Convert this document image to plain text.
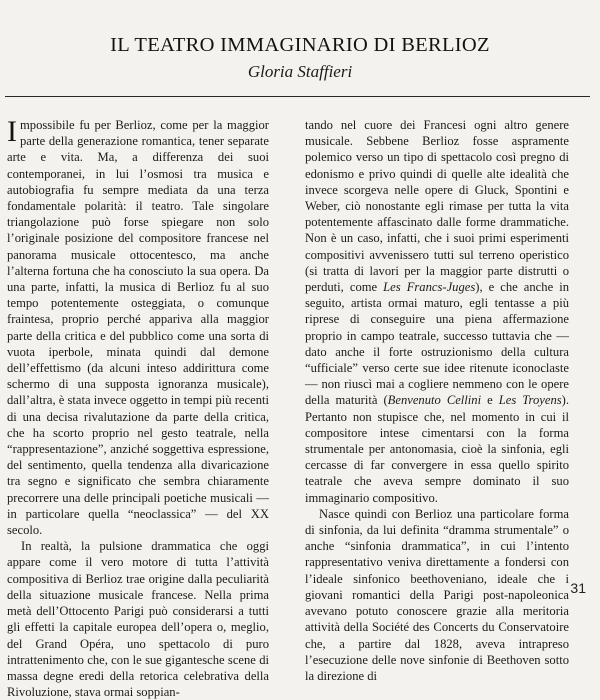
IL TEATRO IMMAGINARIO DI BERLIOZ
Gloria Staffieri

Impossibile fu per Berlioz, come per la maggior parte della generazione romantica, tener separate arte e vita. Ma, a differenza dei suoi contemporanei, in lui l’osmosi tra musica e autobiografia fu sempre mediata da una terza fondamentale polarità: il teatro. Tale singolare triangolazione può forse spiegare non solo l’originale posizione del compositore francese nel panorama musicale ottocentesco, ma anche l’alterna fortuna che ha conosciuto la sua opera. Da una parte, infatti, la musica di Berlioz fu al suo tempo potentemente osteggiata, o comunque fraintesa, proprio perché appariva alla maggior parte della critica e del pubblico come una sorta di vuota iperbole, minata quindi dal demone dell’effettismo (da alcuni inteso addirittura come schermo di una supposta ignoranza musicale), dall’altra, è stata invece oggetto in tempi più recenti di una decisa rivalutazione da parte della critica, che ha scorto proprio nel gesto teatrale, nella “rappresentazione”, anziché soggettiva espressione, del sentimento, quella tendenza alla divaricazione tra segno e significato che sembra chiaramente precorrere una delle principali poetiche musicali — in particolare quella “neoclassica” — del XX secolo.

In realtà, la pulsione drammatica che oggi appare come il vero motore di tutta l’attività compositiva di Berlioz trae origine dalla peculiarità della situazione musicale francese. Nella prima metà dell’Ottocento Parigi può considerarsi a tutti gli effetti la capitale europea dell’opera o, meglio, del Grand Opéra, uno spettacolo di puro intrattenimento che, con le sue gigantesche scene di massa degne eredi della retorica celebrativa della Rivoluzione, stava ormai soppian-

tando nel cuore dei Francesi ogni altro genere musicale. Sebbene Berlioz fosse aspramente polemico verso un tipo di spettacolo così pregno di edonismo e privo quindi di quelle alte idealità che invece scorgeva nelle opere di Gluck, Spontini e Weber, ciò nonostante egli rimase per tutta la vita potentemente affascinato dalle forme drammatiche. Non è un caso, infatti, che i suoi primi esperimenti compositivi avvenissero tutti sul terreno operistico (si tratta di lavori per la maggior parte distrutti o perduti, come Les Francs-Juges), e che anche in seguito, artista ormai maturo, egli tentasse a più riprese di conseguire una piena affermazione proprio in campo teatrale, successo tuttavia che — dato anche il forte ostruzionismo della cultura “ufficiale” verso certe sue idee ritenute iconoclaste — non riuscì mai a cogliere nemmeno con le opere della maturità (Benvenuto Cellini e Les Troyens). Pertanto non stupisce che, nel momento in cui il compositore intese cimentarsi con la forma strumentale per antonomasia, cioè la sinfonia, egli cercasse di far convergere in essa quello spirito teatrale che aveva sempre dominato il suo immaginario compositivo.

Nasce quindi con Berlioz una particolare forma di sinfonia, da lui definita “dramma strumentale” o anche “sinfonia drammatica”, in cui l’intento rappresentativo veniva direttamente a fondersi con l’ideale sinfonico beethoveniano, ideale che i giovani romantici della Parigi post-napoleonica avevano potuto conoscere grazie alla meritoria attività della Société des Concerts du Conservatoire che, a partire dal 1828, aveva intrapreso l’esecuzione delle nove sinfonie di Beethoven sotto la direzione di

31
